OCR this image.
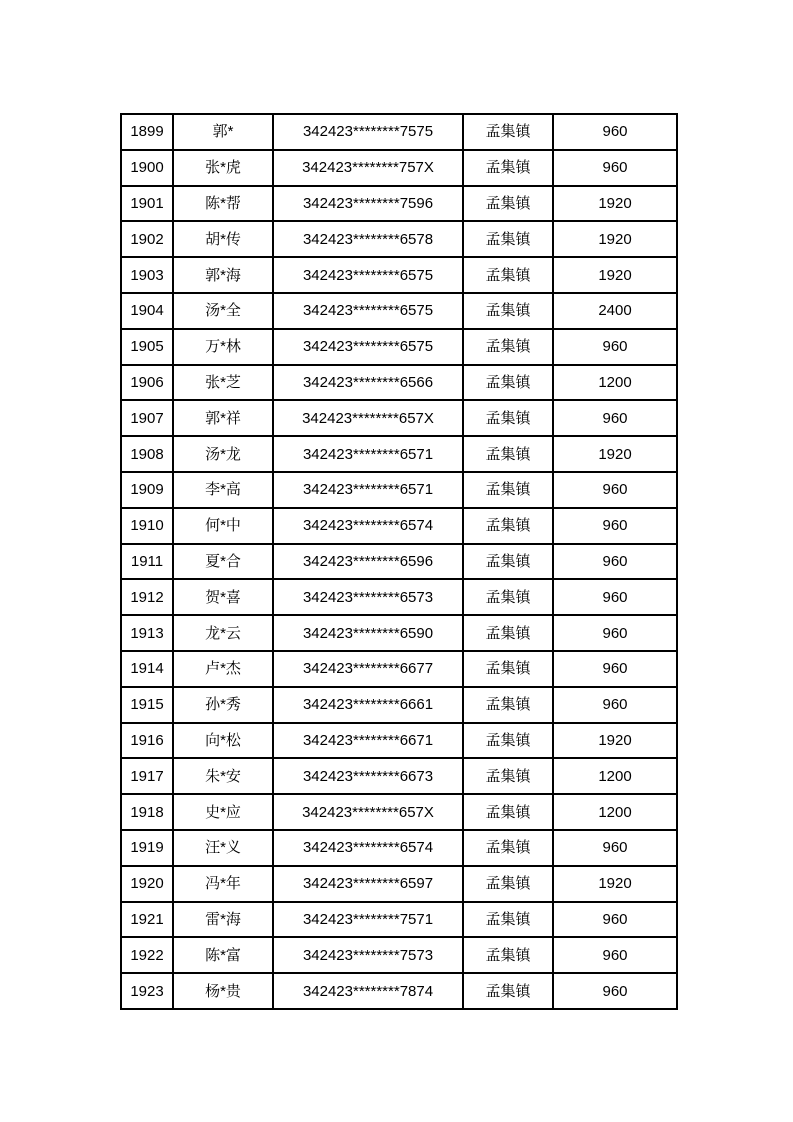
1899	郭*	342423********7575	孟集镇	960
1900	张*虎	342423********757X	孟集镇	960
1901	陈*帮	342423********7596	孟集镇	1920
1902	胡*传	342423********6578	孟集镇	1920
1903	郭*海	342423********6575	孟集镇	1920
1904	汤*全	342423********6575	孟集镇	2400
1905	万*林	342423********6575	孟集镇	960
1906	张*芝	342423********6566	孟集镇	1200
1907	郭*祥	342423********657X	孟集镇	960
1908	汤*龙	342423********6571	孟集镇	1920
1909	李*高	342423********6571	孟集镇	960
1910	何*中	342423********6574	孟集镇	960
1911	夏*合	342423********6596	孟集镇	960
1912	贺*喜	342423********6573	孟集镇	960
1913	龙*云	342423********6590	孟集镇	960
1914	卢*杰	342423********6677	孟集镇	960
1915	孙*秀	342423********6661	孟集镇	960
1916	向*松	342423********6671	孟集镇	1920
1917	朱*安	342423********6673	孟集镇	1200
1918	史*应	342423********657X	孟集镇	1200
1919	汪*义	342423********6574	孟集镇	960
1920	冯*年	342423********6597	孟集镇	1920
1921	雷*海	342423********7571	孟集镇	960
1922	陈*富	342423********7573	孟集镇	960
1923	杨*贵	342423********7874	孟集镇	960
